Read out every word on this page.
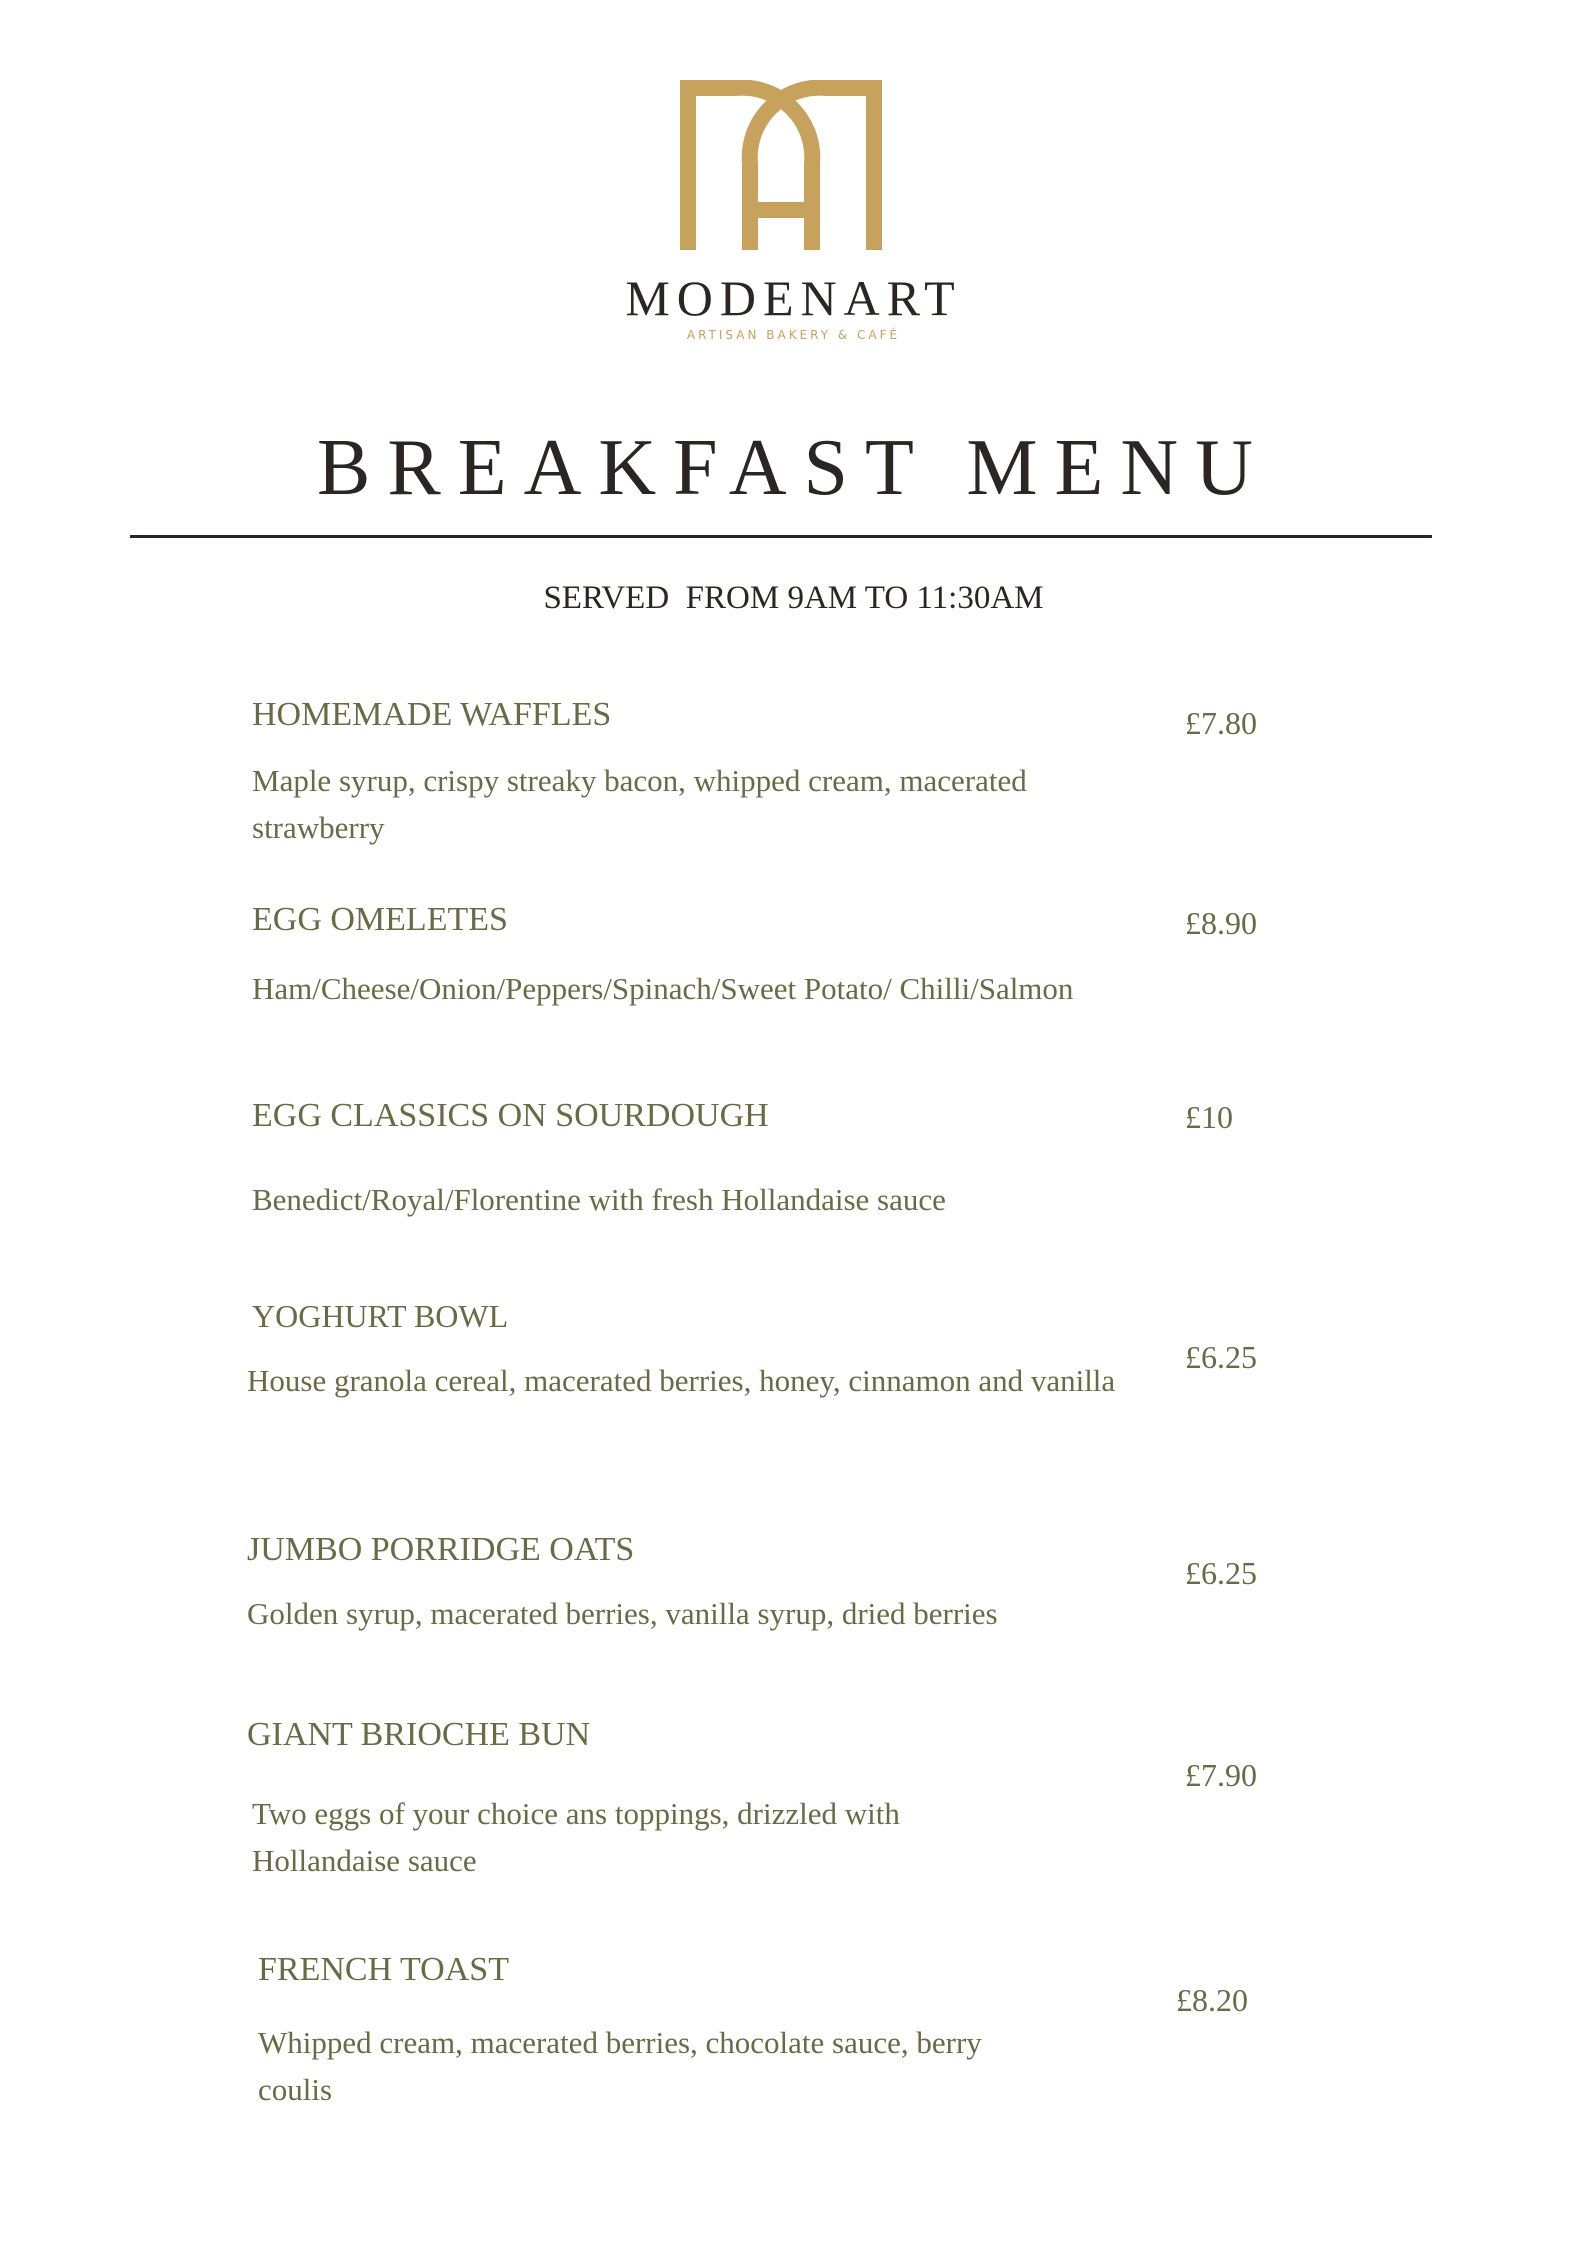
MODENART
ARTISAN BAKERY & CAFÉ
BREAKFAST MENU
SERVED  FROM 9AM TO 11:30AM
HOMEMADE WAFFLES
Maple syrup, crispy streaky bacon, whipped cream, macerated strawberry
£7.80
EGG OMELETES
Ham/Cheese/Onion/Peppers/Spinach/Sweet Potato/ Chilli/Salmon
£8.90
EGG CLASSICS ON SOURDOUGH
Benedict/Royal/Florentine with fresh Hollandaise sauce
£10
YOGHURT BOWL
House granola cereal, macerated berries, honey, cinnamon and vanilla
£6.25
JUMBO PORRIDGE OATS
Golden syrup, macerated berries, vanilla syrup, dried berries
£6.25
GIANT BRIOCHE BUN
Two eggs of your choice ans toppings, drizzled with Hollandaise sauce
£7.90
FRENCH TOAST
Whipped cream, macerated berries, chocolate sauce, berry coulis
£8.20
